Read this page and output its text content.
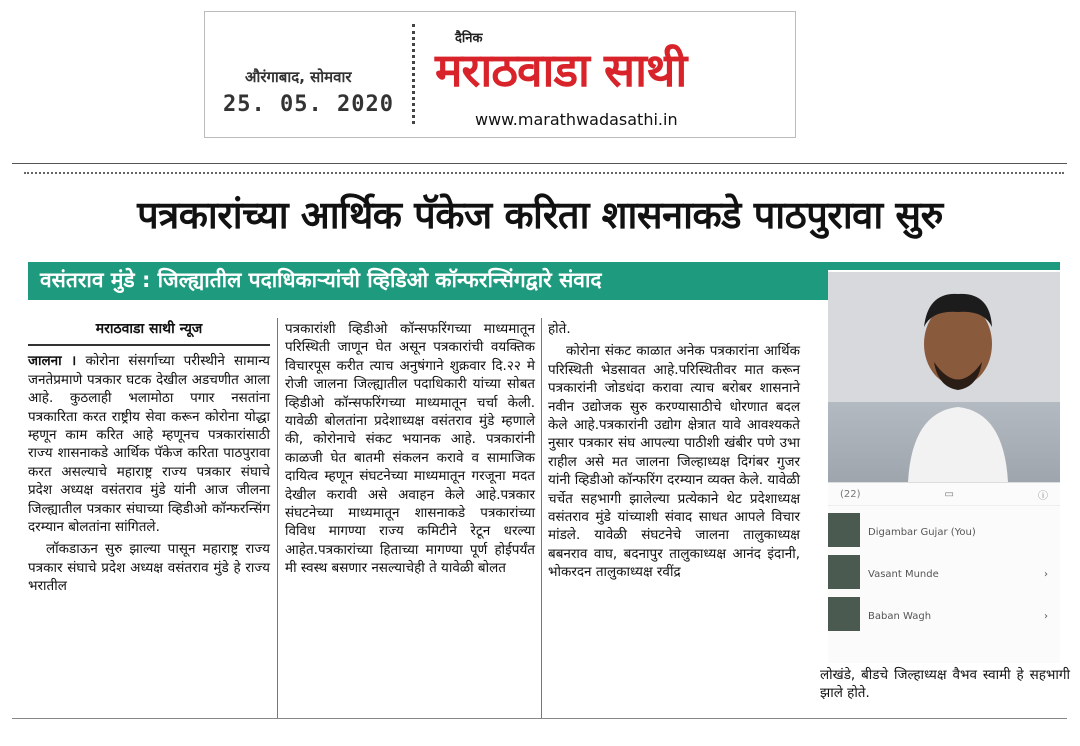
औरंगाबाद, सोमवार
25. 05. 2020
दैनिक
मराठवाडा साथी
www.marathwadasathi.in
पत्रकारांच्या आर्थिक पॅकेज करिता शासनाकडे पाठपुरावा सुरु
वसंतराव मुंडे : जिल्ह्यातील पदाधिकाऱ्यांची व्हिडिओ कॉन्फरन्सिंगद्वारे संवाद
मराठवाडा साथी न्यूज

जालना । कोरोना संसर्गाच्या परीस्थीने सामान्य जनतेप्रमाणे पत्रकार घटक देखील अडचणीत आला आहे. कुठलाही भलामोठा पगार नसतांना पत्रकारिता करत राष्ट्रीय सेवा करून कोरोना योद्धा म्हणून काम करित आहे म्हणूनच पत्रकारांसाठी राज्य शासनाकडे आर्थिक पॅकेज करिता पाठपुरावा करत असल्याचे महाराष्ट्र राज्य पत्रकार संघाचे प्रदेश अध्यक्ष वसंतराव मुंडे यांनी आज जीलना जिल्ह्यातील पत्रकार संघाच्या व्हिडीओ कॉन्फरन्सिंग दरम्यान बोलतांना सांगितले.

लॉकडाऊन सुरु झाल्या पासून महाराष्ट्र राज्य पत्रकार संघाचे प्रदेश अध्यक्ष वसंतराव मुंडे हे राज्य भरातील

पत्रकारांशी व्हिडीओ कॉन्सफरिंगच्या माध्यमातून परिस्थिती जाणून घेत असून पत्रकारांची वयक्तिक विचारपूस करीत त्याच अनुषंगाने शुक्रवार दि.२२ मे रोजी जालना जिल्ह्यातील पदाधिकारी यांच्या सोबत व्हिडीओ कॉन्सफरिंगच्या माध्यमातून चर्चा केली. यावेळी बोलतांना प्रदेशाध्यक्ष वसंतराव मुंडे म्हणाले की, कोरोनाचे संकट भयानक आहे. पत्रकारांनी काळजी घेत बातमी संकलन करावे व सामाजिक दायित्व म्हणून संघटनेच्या माध्यमातून गरजूना मदत देखील करावी असे अवाहन केले आहे.पत्रकार संघटनेच्या माध्यमातून शासनाकडे पत्रकारांच्या विविध मागण्या राज्य कमिटीने रेटून धरल्या आहेत.पत्रकारांच्या हिताच्या मागण्या पूर्ण होईपर्यंत मी स्वस्थ बसणार नसल्याचेही ते यावेळी बोलत

होते.

कोरोना संकट काळात अनेक पत्रकारांना आर्थिक परिस्थिती भेडसावत आहे.परिस्थितीवर मात करून पत्रकारांनी जोडधंदा करावा त्याच बरोबर शासनाने नवीन उद्योजक सुरु करण्यासाठीचे धोरणात बदल केले आहे.पत्रकारांनी उद्योग क्षेत्रात यावे आवश्यकते नुसार पत्रकार संघ आपल्या पाठीशी खंबीर पणे उभा राहील असे मत जालना जिल्हाध्यक्ष दिगंबर गुजर यांनी व्हिडीओ कॉन्फरिंग दरम्यान व्यक्त केले. यावेळी चर्चेत सहभागी झालेल्या प्रत्येकाने थेट प्रदेशाध्यक्ष वसंतराव मुंडे यांच्याशी संवाद साधत आपले विचार मांडले. यावेळी संघटनेचे जालना तालुकाध्यक्ष बबनराव वाघ, बदनापुर तालुकाध्यक्ष आनंद इंदानी, भोकरदन तालुकाध्यक्ष रवींद्र

(22)	▭	ⓘ
Digambar Gujar (You)
Vasant Munde	›
Baban Wagh	›

लोखंडे, बीडचे जिल्हाध्यक्ष वैभव स्वामी हे सहभागी झाले होते.
